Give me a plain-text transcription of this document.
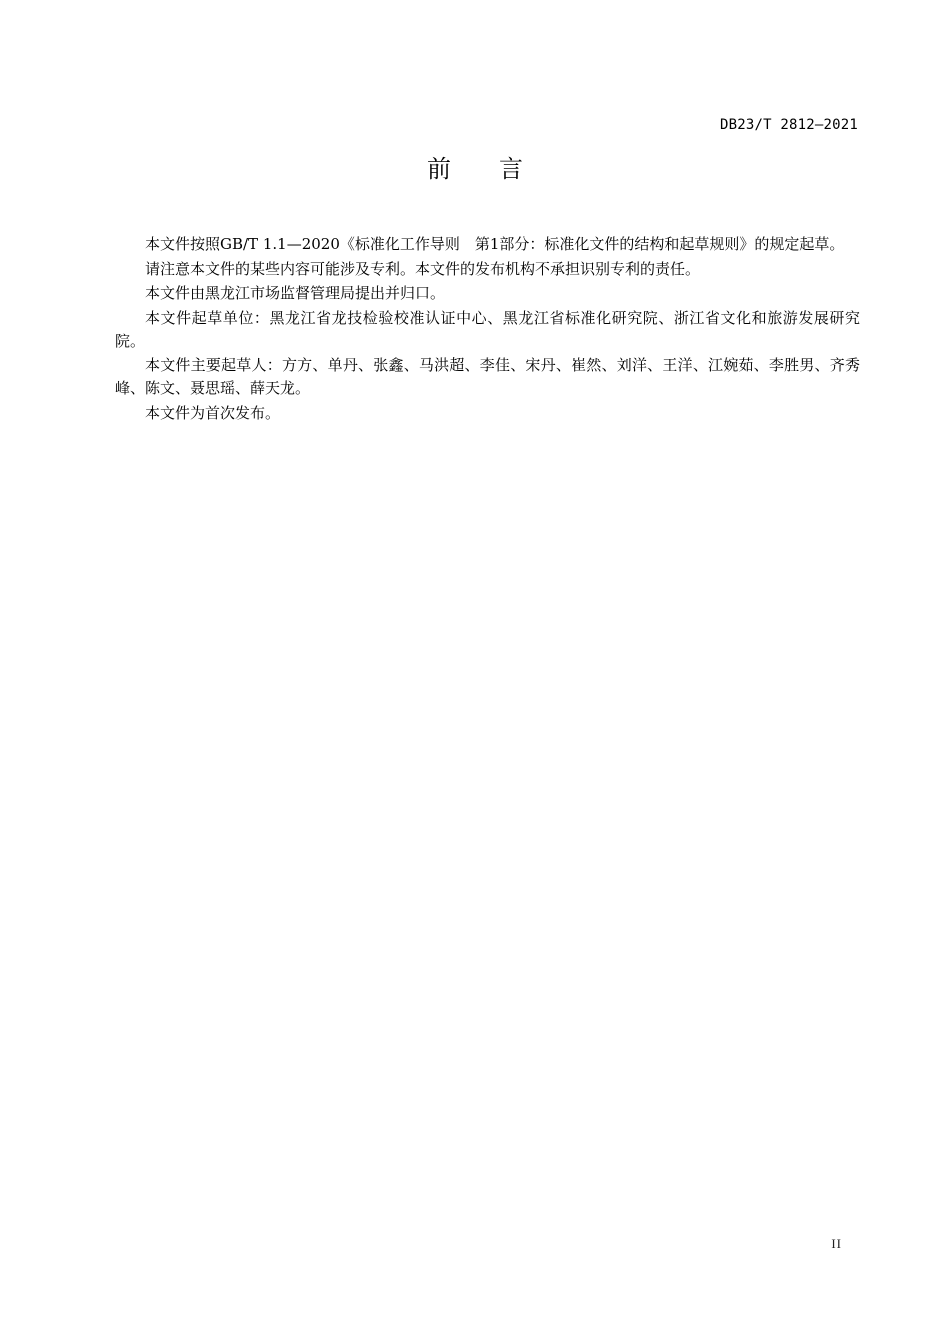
DB23/T 2812—2021
前　　言

本文件按照GB/T 1.1—2020《标准化工作导则　第1部分：标准化文件的结构和起草规则》的规定起草。

请注意本文件的某些内容可能涉及专利。本文件的发布机构不承担识别专利的责任。

本文件由黑龙江市场监督管理局提出并归口。

本文件起草单位：黑龙江省龙技检验校准认证中心、黑龙江省标准化研究院、浙江省文化和旅游发展研究院。

本文件主要起草人：方方、单丹、张鑫、马洪超、李佳、宋丹、崔然、刘洋、王洋、江婉茹、李胜男、齐秀峰、陈文、聂思瑶、薛天龙。

本文件为首次发布。

II
